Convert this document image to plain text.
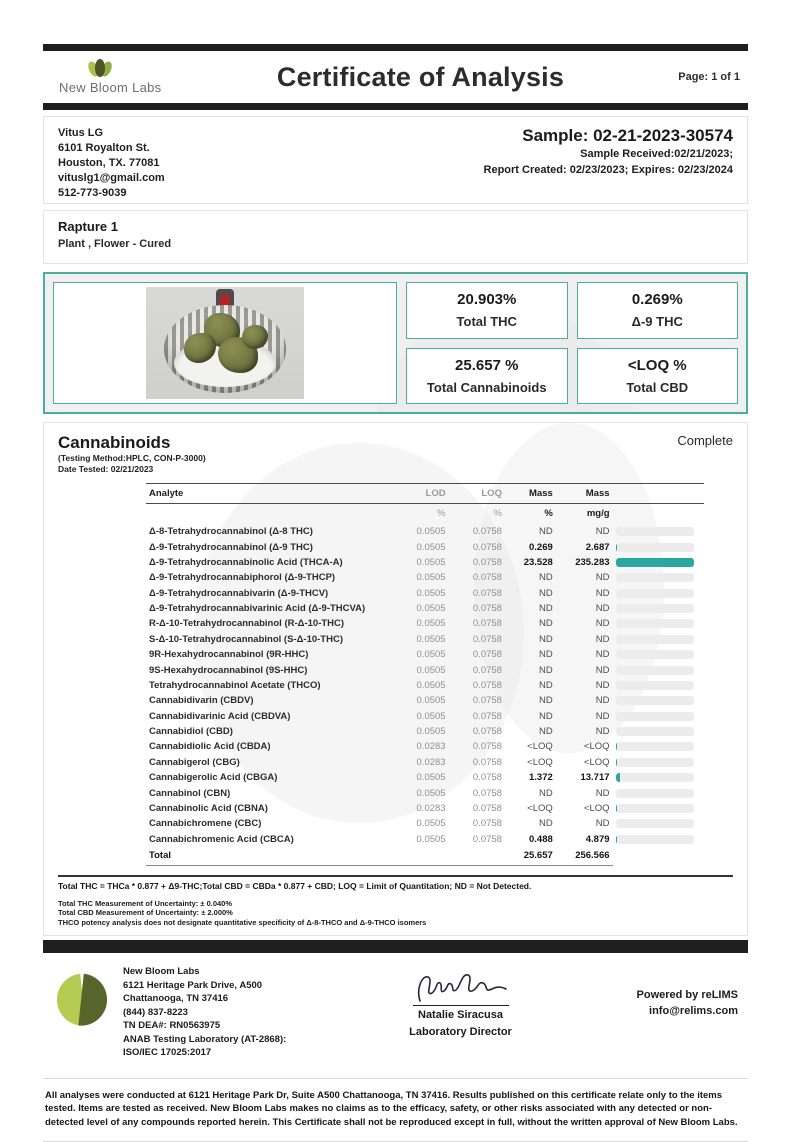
New Bloom Labs	Certificate of Analysis	Page: 1 of 1
Vitus LG
6101 Royalton St.
Houston, TX. 77081
vituslg1@gmail.com
512-773-9039
Sample: 02-21-2023-30574
Sample Received:02/21/2023;
Report Created: 02/23/2023; Expires: 02/23/2024
Rapture 1
Plant , Flower - Cured
20.903%
Total THC
0.269%
Δ-9 THC
25.657 %
Total Cannabinoids
<LOQ %
Total CBD
Cannabinoids	Complete
(Testing Method:HPLC, CON-P-3000)
Date Tested: 02/21/2023
Analyte	LOD	LOQ	Mass	Mass	
	%	%	%	mg/g	
Δ-8-Tetrahydrocannabinol (Δ-8 THC)	0.0505	0.0758	ND	ND	

Δ-9-Tetrahydrocannabinol (Δ-9 THC)	0.0505	0.0758	0.269	2.687	

Δ-9-Tetrahydrocannabinolic Acid (THCA-A)	0.0505	0.0758	23.528	235.283	

Δ-9-Tetrahydrocannabiphorol (Δ-9-THCP)	0.0505	0.0758	ND	ND	

Δ-9-Tetrahydrocannabivarin (Δ-9-THCV)	0.0505	0.0758	ND	ND	

Δ-9-Tetrahydrocannabivarinic Acid (Δ-9-THCVA)	0.0505	0.0758	ND	ND	

R-Δ-10-Tetrahydrocannabinol (R-Δ-10-THC)	0.0505	0.0758	ND	ND	

S-Δ-10-Tetrahydrocannabinol (S-Δ-10-THC)	0.0505	0.0758	ND	ND	

9R-Hexahydrocannabinol (9R-HHC)	0.0505	0.0758	ND	ND	

9S-Hexahydrocannabinol (9S-HHC)	0.0505	0.0758	ND	ND	

Tetrahydrocannabinol Acetate (THCO)	0.0505	0.0758	ND	ND	

Cannabidivarin (CBDV)	0.0505	0.0758	ND	ND	

Cannabidivarinic Acid (CBDVA)	0.0505	0.0758	ND	ND	

Cannabidiol (CBD)	0.0505	0.0758	ND	ND	

Cannabidiolic Acid (CBDA)	0.0283	0.0758	<LOQ	<LOQ	

Cannabigerol (CBG)	0.0283	0.0758	<LOQ	<LOQ	

Cannabigerolic Acid (CBGA)	0.0505	0.0758	1.372	13.717	

Cannabinol (CBN)	0.0505	0.0758	ND	ND	

Cannabinolic Acid (CBNA)	0.0283	0.0758	<LOQ	<LOQ	

Cannabichromene (CBC)	0.0505	0.0758	ND	ND	

Cannabichromenic Acid (CBCA)	0.0505	0.0758	0.488	4.879	

Total			25.657	256.566	
Total THC = THCa * 0.877 + Δ9-THC;Total CBD = CBDa * 0.877 + CBD; LOQ = Limit of Quantitation; ND = Not Detected.
Total THC Measurement of Uncertainty: ± 0.040%
Total CBD Measurement of Uncertainty: ± 2.000%
THCO potency analysis does not designate quantitative specificity of Δ-8-THCO and Δ-9-THCO isomers
New Bloom Labs
6121 Heritage Park Drive, A500
Chattanooga, TN 37416
(844) 837-8223
TN DEA#: RN0563975
ANAB Testing Laboratory (AT-2868):
ISO/IEC 17025:2017
Natalie Siracusa
Laboratory Director
Powered by reLIMS
info@relims.com

All analyses were conducted at 6121 Heritage Park Dr, Suite A500 Chattanooga, TN 37416. Results published on this certificate relate only to the items tested. Items are tested as received. New Bloom Labs makes no claims as to the efficacy, safety, or other risks associated with any detected or non-detected level of any compounds reported herein. This Certificate shall not be reproduced except in full, without the written approval of New Bloom Labs.
